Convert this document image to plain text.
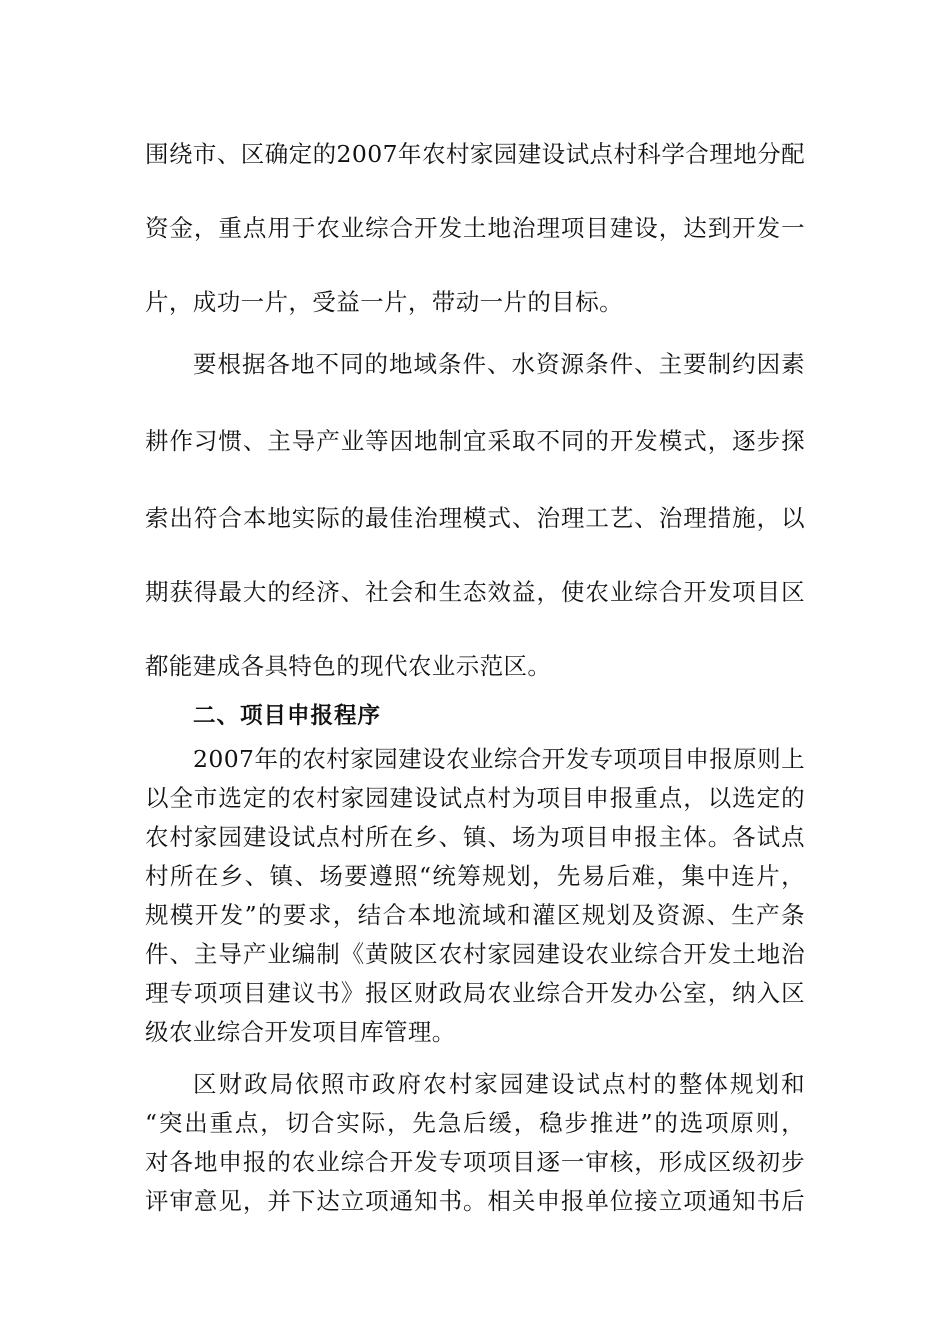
围绕市、区确定的2007年农村家园建设试点村科学合理地分配
资金，重点用于农业综合开发土地治理项目建设，达到开发一
片，成功一片，受益一片，带动一片的目标。
要根据各地不同的地域条件、水资源条件、主要制约因素
耕作习惯、主导产业等因地制宜采取不同的开发模式，逐步探
索出符合本地实际的最佳治理模式、治理工艺、治理措施，以
期获得最大的经济、社会和生态效益，使农业综合开发项目区
都能建成各具特色的现代农业示范区。
二、项目申报程序
2007年的农村家园建设农业综合开发专项项目申报原则上
以全市选定的农村家园建设试点村为项目申报重点，以选定的
农村家园建设试点村所在乡、镇、场为项目申报主体。各试点
村所在乡、镇、场要遵照“统筹规划，先易后难，集中连片，
规模开发”的要求，结合本地流域和灌区规划及资源、生产条
件、主导产业编制《黄陂区农村家园建设农业综合开发土地治
理专项项目建议书》报区财政局农业综合开发办公室，纳入区
级农业综合开发项目库管理。
区财政局依照市政府农村家园建设试点村的整体规划和
“突出重点，切合实际，先急后缓，稳步推进”的选项原则，
对各地申报的农业综合开发专项项目逐一审核，形成区级初步
评审意见，并下达立项通知书。相关申报单位接立项通知书后
